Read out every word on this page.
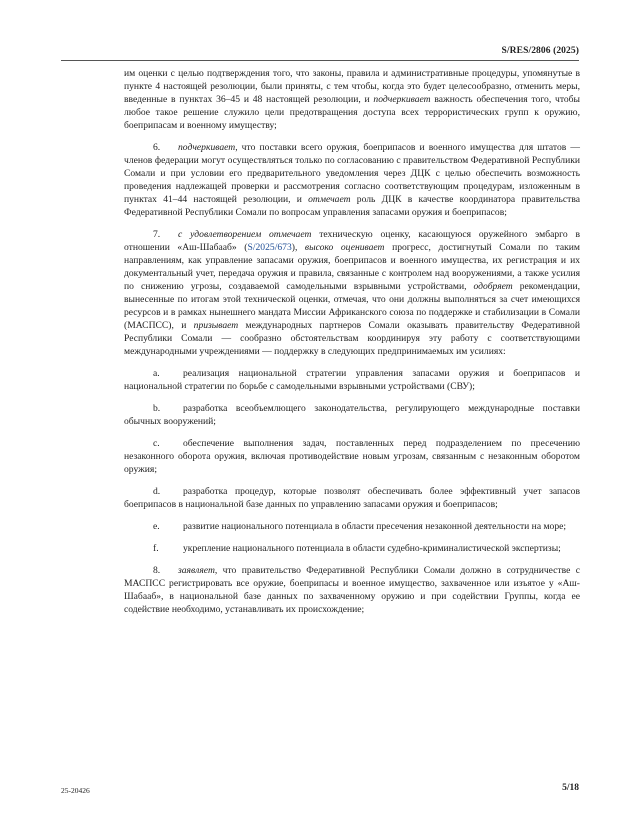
S/RES/2806 (2025)

им оценки с целью подтверждения того, что законы, правила и административные процедуры, упомянутые в пункте 4 настоящей резолюции, были приняты, с тем чтобы, когда это будет целесообразно, отменить меры, введенные в пунктах 36–45 и 48 настоящей резолюции, и подчеркивает важность обеспечения того, чтобы любое такое решение служило цели предотвращения доступа всех террористических групп к оружию, боеприпасам и военному имуществу;

6. подчеркивает, что поставки всего оружия, боеприпасов и военного имущества для штатов — членов федерации могут осуществляться только по согласованию с правительством Федеративной Республики Сомали и при условии его предварительного уведомления через ДЦК с целью обеспечить возможность проведения надлежащей проверки и рассмотрения согласно соответствующим процедурам, изложенным в пунктах 41–44 настоящей резолюции, и отмечает роль ДЦК в качестве координатора правительства Федеративной Республики Сомали по вопросам управления запасами оружия и боеприпасов;

7. с удовлетворением отмечает техническую оценку, касающуюся оружейного эмбарго в отношении «Аш-Шабааб» (S/2025/673), высоко оценивает прогресс, достигнутый Сомали по таким направлениям, как управление запасами оружия, боеприпасов и военного имущества, их регистрация и их документальный учет, передача оружия и правила, связанные с контролем над вооружениями, а также усилия по снижению угрозы, создаваемой самодельными взрывными устройствами, одобряет рекомендации, вынесенные по итогам этой технической оценки, отмечая, что они должны выполняться за счет имеющихся ресурсов и в рамках нынешнего мандата Миссии Африканского союза по поддержке и стабилизации в Сомали (МАСПСС), и призывает международных партнеров Сомали оказывать правительству Федеративной Республики Сомали — сообразно обстоятельствам координируя эту работу с соответствующими международными учреждениями — поддержку в следующих предпринимаемых им усилиях:

a. реализация национальной стратегии управления запасами оружия и боеприпасов и национальной стратегии по борьбе с самодельными взрывными устройствами (СВУ);

b. разработка всеобъемлющего законодательства, регулирующего международные поставки обычных вооружений;

c. обеспечение выполнения задач, поставленных перед подразделением по пресечению незаконного оборота оружия, включая противодействие новым угрозам, связанным с незаконным оборотом оружия;

d. разработка процедур, которые позволят обеспечивать более эффективный учет запасов боеприпасов в национальной базе данных по управлению запасами оружия и боеприпасов;

e. развитие национального потенциала в области пресечения незаконной деятельности на море;

f.	укрепление национального потенциала в области судебно-криминалистической экспертизы;

8. заявляет, что правительство Федеративной Республики Сомали должно в сотрудничестве с МАСПСС регистрировать все оружие, боеприпасы и военное имущество, захваченное или изъятое у «Аш-Шабааб», в национальной базе данных по захваченному оружию и при содействии Группы, когда ее содействие необходимо, устанавливать их происхождение;

25-20426	5/18
